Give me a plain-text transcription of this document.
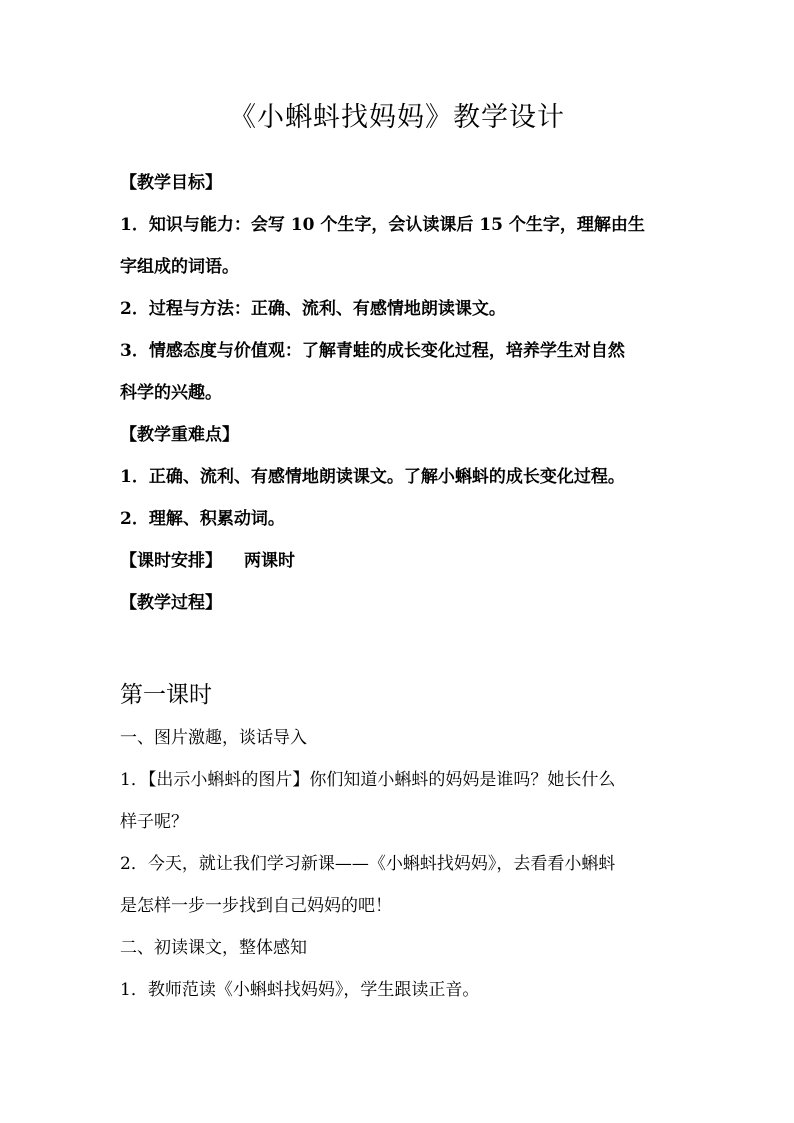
《小蝌蚪找妈妈》教学设计
【教学目标】
1．知识与能力：会写 10 个生字，会认读课后 15 个生字，理解由生
字组成的词语。
2．过程与方法：正确、流利、有感情地朗读课文。
3．情感态度与价值观：了解青蛙的成长变化过程，培养学生对自然
科学的兴趣。
【教学重难点】
1．正确、流利、有感情地朗读课文。了解小蝌蚪的成长变化过程。
2．理解、积累动词。
【课时安排】 两课时
【教学过程】
第一课时
一、图片激趣，谈话导入
1．【出示小蝌蚪的图片】你们知道小蝌蚪的妈妈是谁吗？她长什么
样子呢？
2．今天，就让我们学习新课——《小蝌蚪找妈妈》，去看看小蝌蚪
是怎样一步一步找到自己妈妈的吧！
二、初读课文，整体感知
1．教师范读《小蝌蚪找妈妈》，学生跟读正音。
